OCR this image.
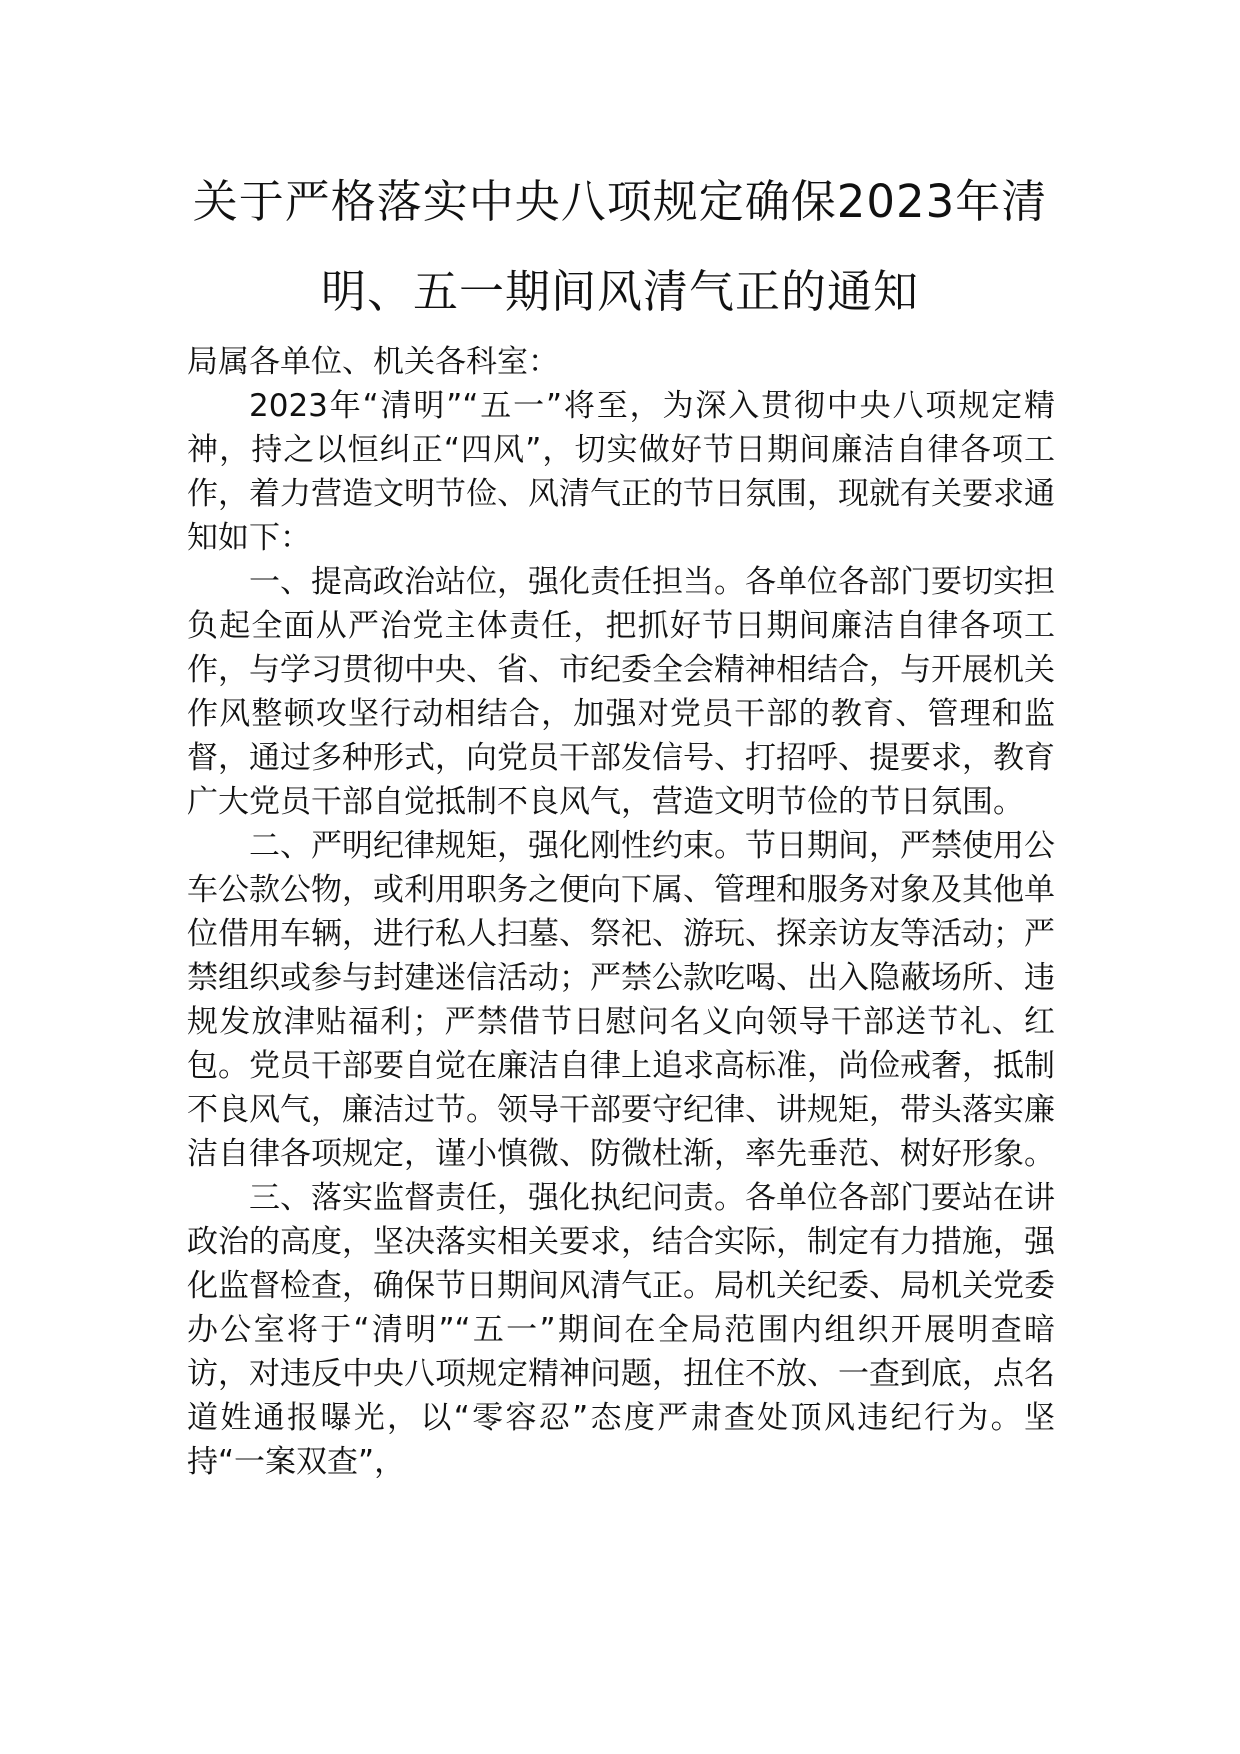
关于严格落实中央八项规定确保2023年清
明、五一期间风清气正的通知

局属各单位、机关各科室：

2023年“清明”“五一”将至，为深入贯彻中央八项规定精神，持之以恒纠正“四风”，切实做好节日期间廉洁自律各项工作，着力营造文明节俭、风清气正的节日氛围，现就有关要求通知如下：

一、提高政治站位，强化责任担当。各单位各部门要切实担负起全面从严治党主体责任，把抓好节日期间廉洁自律各项工作，与学习贯彻中央、省、市纪委全会精神相结合，与开展机关作风整顿攻坚行动相结合，加强对党员干部的教育、管理和监督，通过多种形式，向党员干部发信号、打招呼、提要求，教育广大党员干部自觉抵制不良风气，营造文明节俭的节日氛围。

二、严明纪律规矩，强化刚性约束。节日期间，严禁使用公车公款公物，或利用职务之便向下属、管理和服务对象及其他单位借用车辆，进行私人扫墓、祭祀、游玩、探亲访友等活动；严禁组织或参与封建迷信活动；严禁公款吃喝、出入隐蔽场所、违规发放津贴福利；严禁借节日慰问名义向领导干部送节礼、红包。党员干部要自觉在廉洁自律上追求高标准，尚俭戒奢，抵制不良风气，廉洁过节。领导干部要守纪律、讲规矩，带头落实廉洁自律各项规定，谨小慎微、防微杜渐，率先垂范、树好形象。

三、落实监督责任，强化执纪问责。各单位各部门要站在讲政治的高度，坚决落实相关要求，结合实际，制定有力措施，强化监督检查，确保节日期间风清气正。局机关纪委、局机关党委办公室将于“清明”“五一”期间在全局范围内组织开展明查暗访，对违反中央八项规定精神问题，扭住不放、一查到底，点名道姓通报曝光，以“零容忍”态度严肃查处顶风违纪行为。坚持“一案双查”，
